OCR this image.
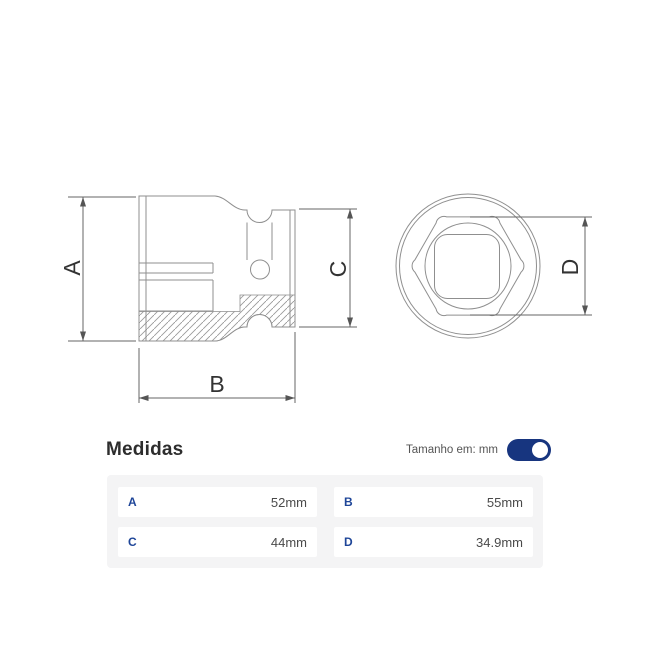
A
B
C	D
Medidas	Tamanho em: mm
A	52mm	B	55mm
C	44mm	D	34.9mm
